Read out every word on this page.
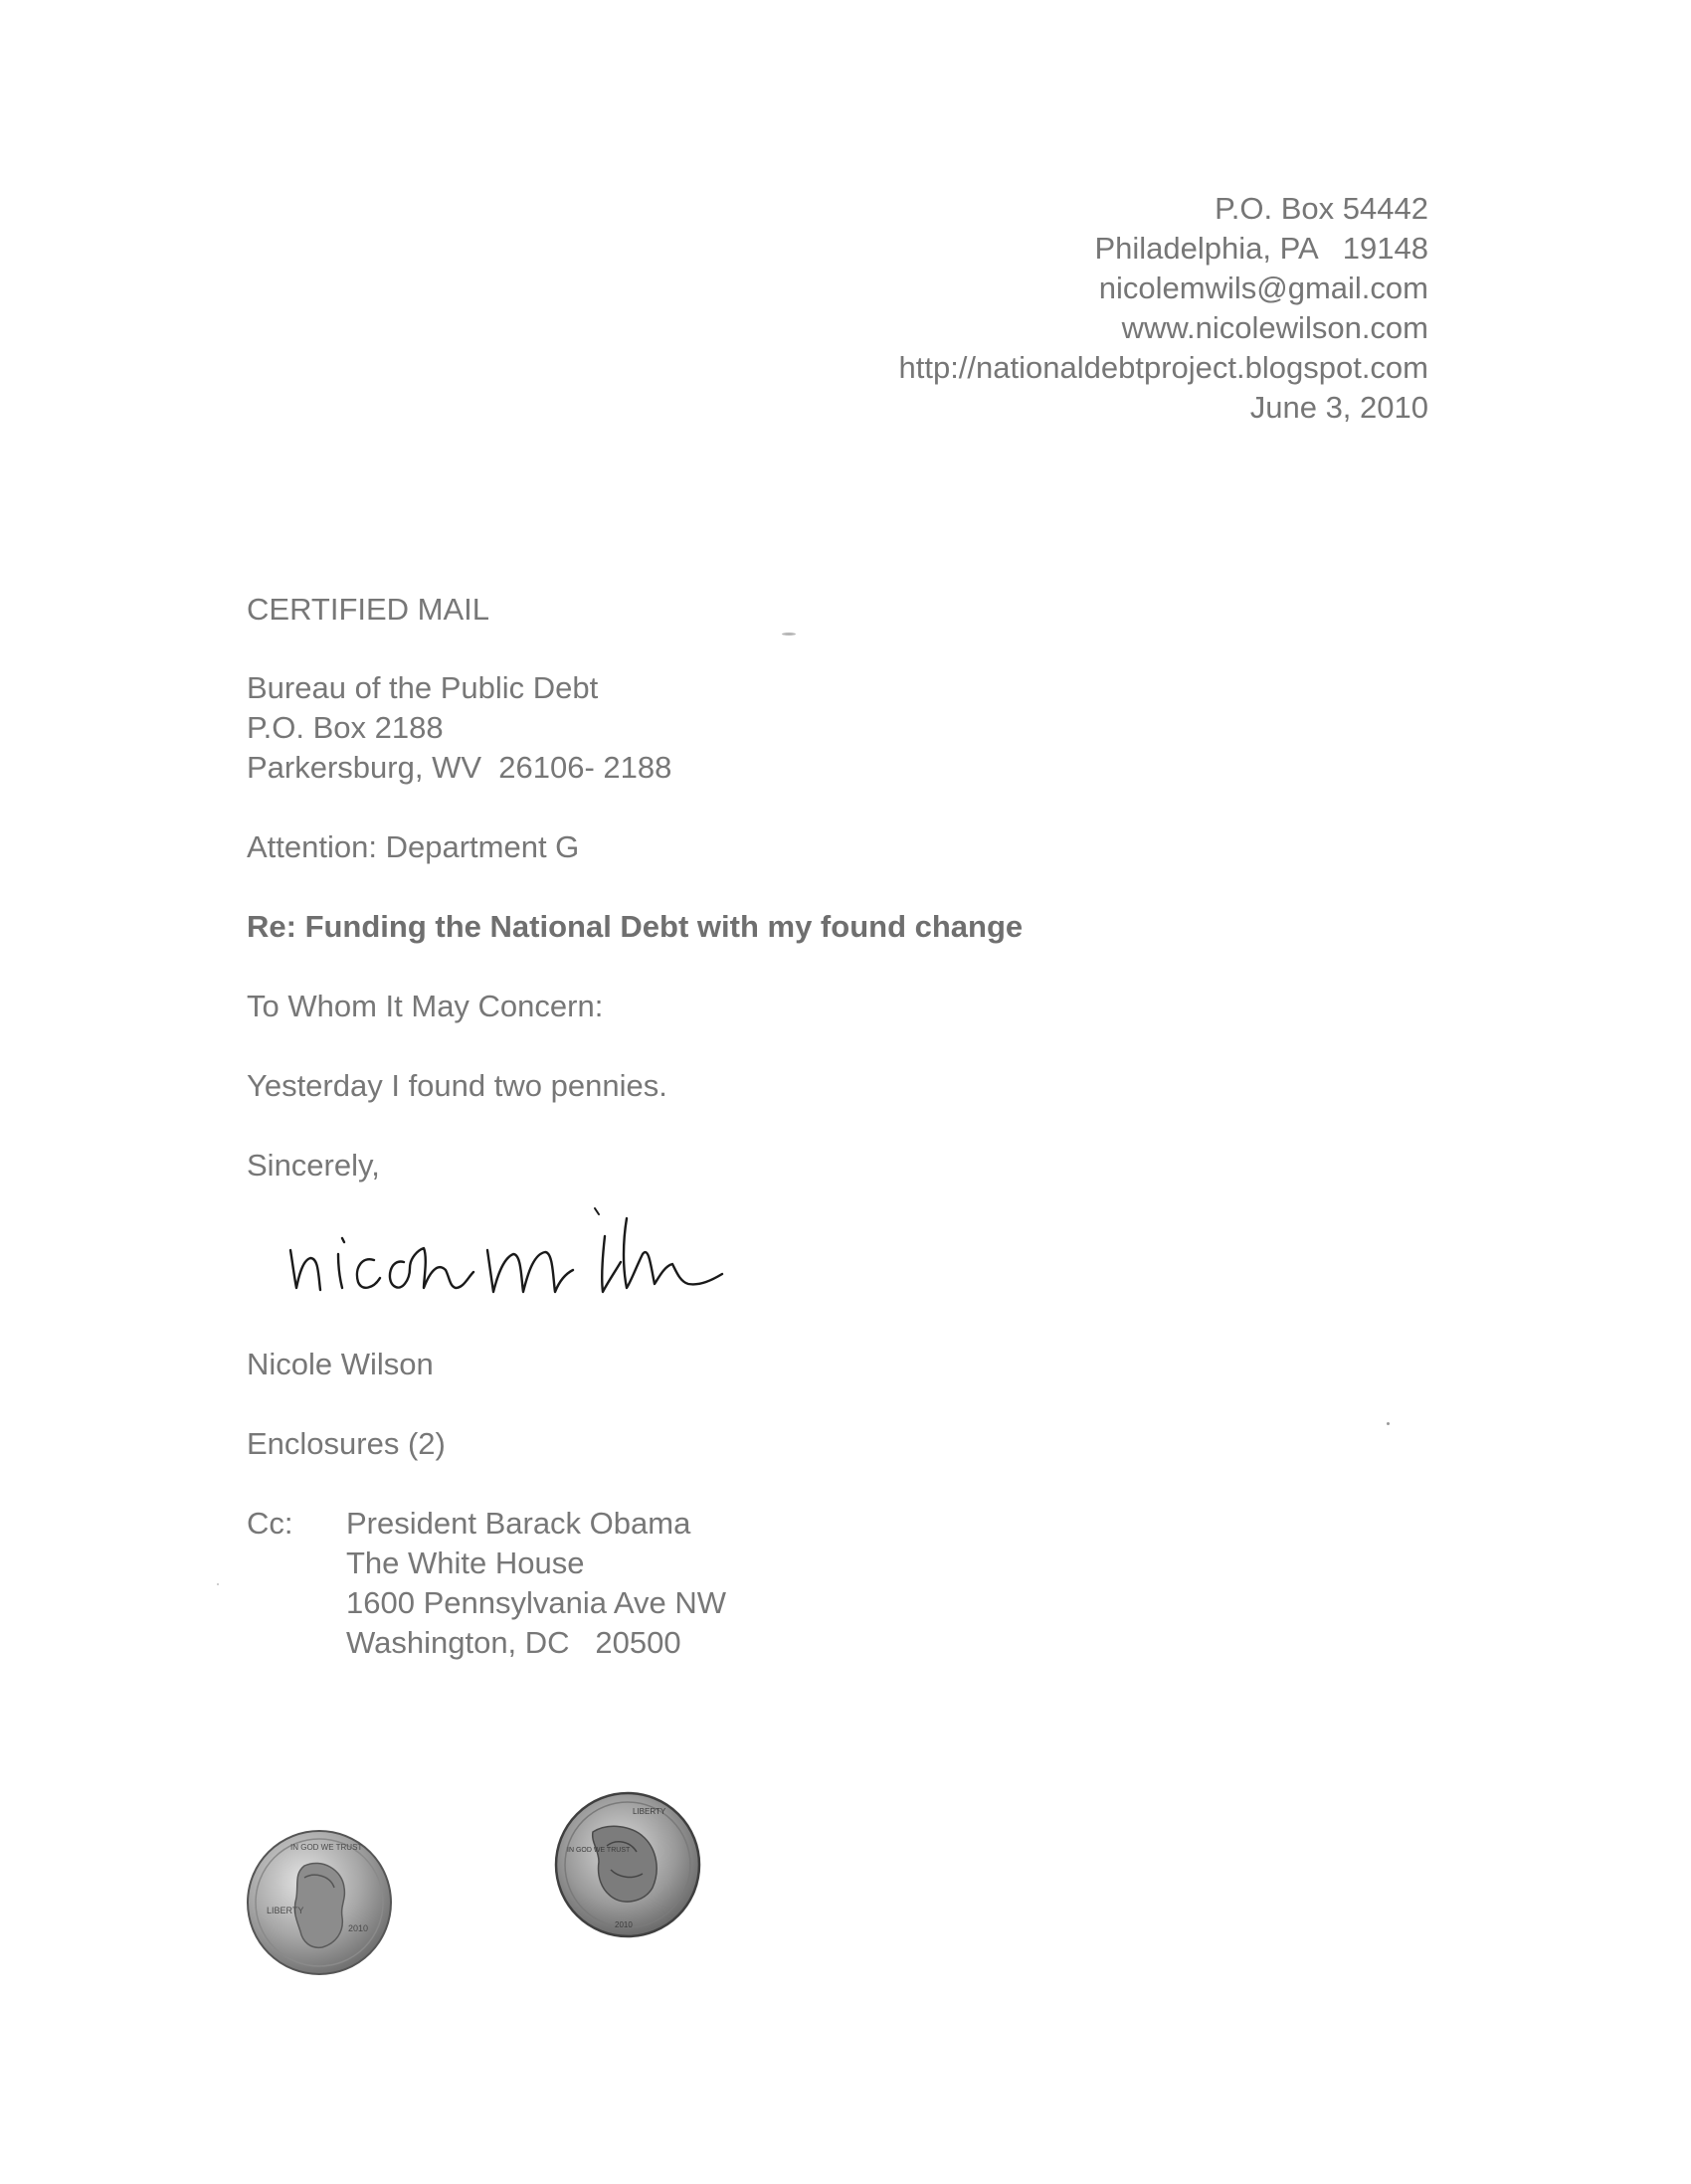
P.O. Box 54442
Philadelphia, PA   19148
nicolemwils@gmail.com
www.nicolewilson.com
http://nationaldebtproject.blogspot.com
June 3, 2010
CERTIFIED MAIL
Bureau of the Public Debt
P.O. Box 2188
Parkersburg, WV  26106- 2188
Attention: Department G
Re: Funding the National Debt with my found change
To Whom It May Concern:
Yesterday I found two pennies.
Sincerely,
Nicole Wilson
Enclosures (2)
Cc: President Barack Obama
The White House
1600 Pennsylvania Ave NW
Washington, DC   20500
LIBERTY
2010
IN GOD WE TRUST
LIBERTY
IN GOD WE TRUST
2010
